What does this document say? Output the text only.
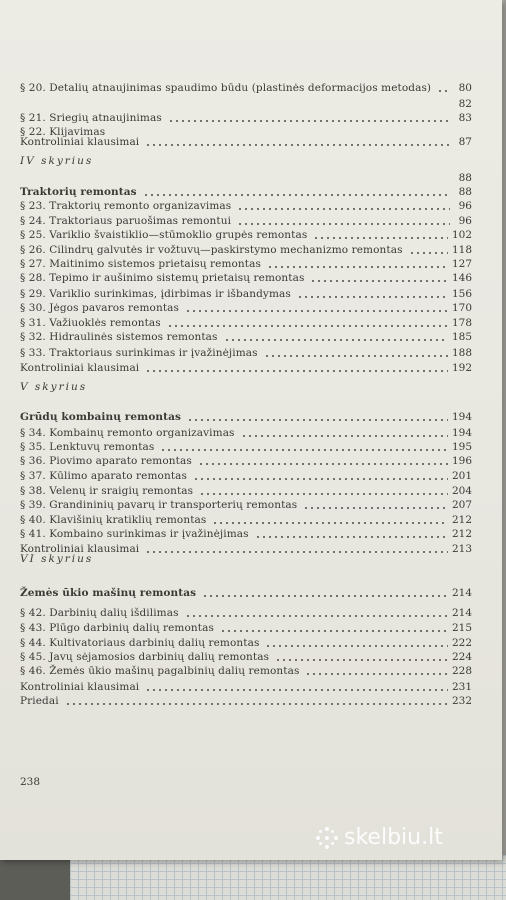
§ 20. Detalių atnaujinimas spaudimo būdu (plastinės deformacijos metodas)	80
82
§ 21. Sriegių atnaujinimas	83
§ 22. Klijavimas
Kontroliniai klausimai	87
IV skyrius
88
Traktorių remontas	88
§ 23. Traktorių remonto organizavimas	96
§ 24. Traktoriaus paruošimas remontui	96
§ 25. Variklio švaistiklio—stūmoklio grupės remontas	102
§ 26. Cilindrų galvutės ir vožtuvų—paskirstymo mechanizmo remontas	118
§ 27. Maitinimo sistemos prietaisų remontas	127
§ 28. Tepimo ir aušinimo sistemų prietaisų remontas	146
§ 29. Variklio surinkimas, įdirbimas ir išbandymas	156
§ 30. Jėgos pavaros remontas	170
§ 31. Važiuoklės remontas	178
§ 32. Hidraulinės sistemos remontas	185
§ 33. Traktoriaus surinkimas ir įvažinėjimas	188
Kontroliniai klausimai	192
V skyrius
Grūdų kombainų remontas	194
§ 34. Kombainų remonto organizavimas	194
§ 35. Lenktuvų remontas	195
§ 36. Piovimo aparato remontas	196
§ 37. Kūlimo aparato remontas	201
§ 38. Velenų ir sraigių remontas	204
§ 39. Grandininių pavarų ir transporterių remontas	207
§ 40. Klavišinių kratiklių remontas	212
§ 41. Kombaino surinkimas ir įvažinėjimas	212
Kontroliniai klausimai	213
VI skyrius
Žemės ūkio mašinų remontas	214
§ 42. Darbinių dalių išdilimas	214
§ 43. Plūgo darbinių dalių remontas	215
§ 44. Kultivatoriaus darbinių dalių remontas	222
§ 45. Javų sėjamosios darbinių dalių remontas	224
§ 46. Žemės ūkio mašinų pagalbinių dalių remontas	228
Kontroliniai klausimai	231
Priedai	232
238
skelbiu.lt
